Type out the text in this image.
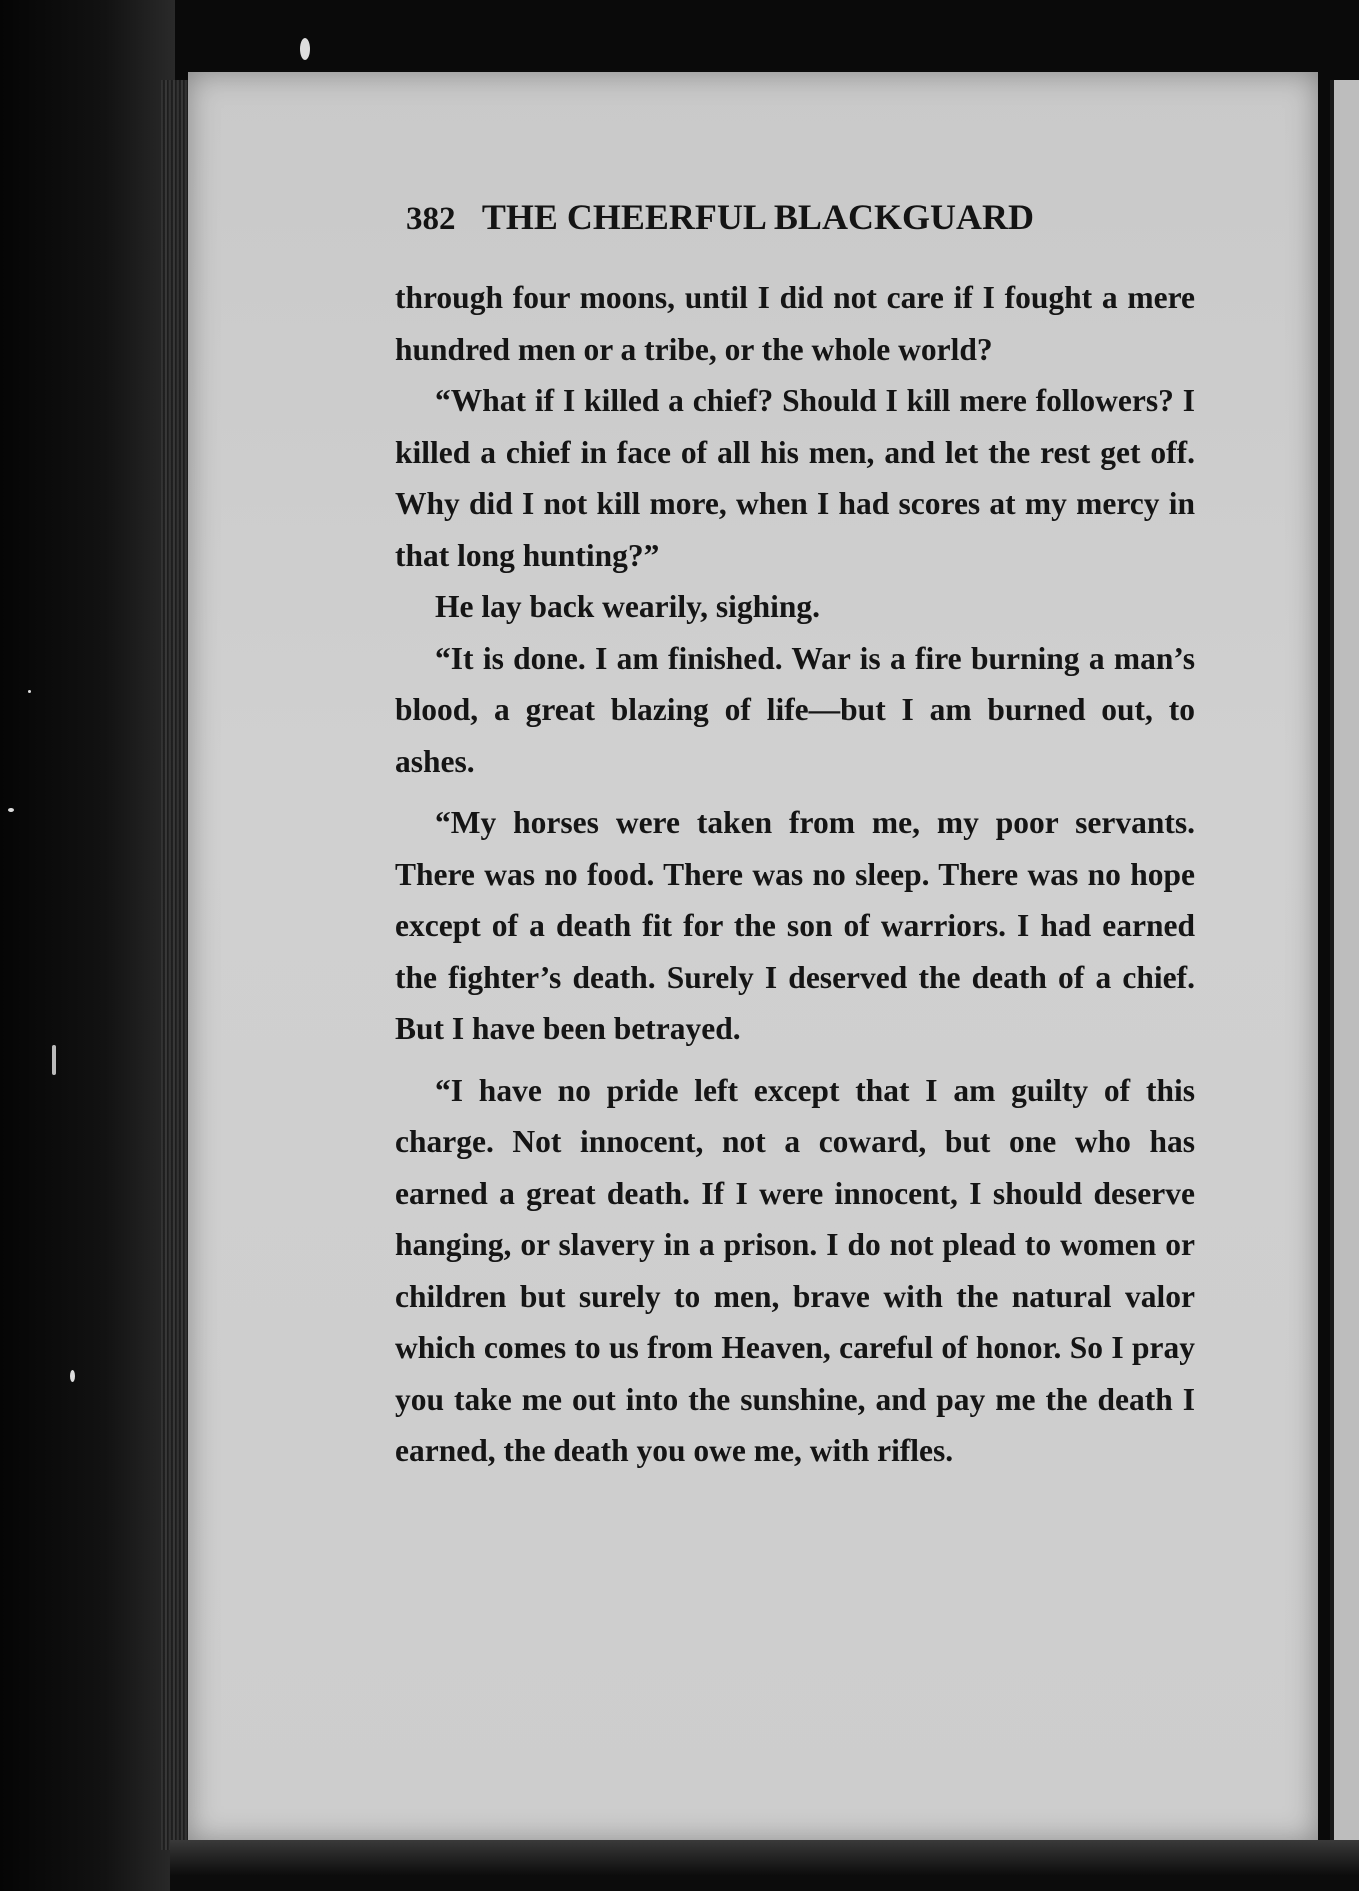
382 THE CHEERFUL BLACKGUARD

through four moons, until I did not care if I fought a mere hundred men or a tribe, or the whole world?

“What if I killed a chief? Should I kill mere followers? I killed a chief in face of all his men, and let the rest get off. Why did I not kill more, when I had scores at my mercy in that long hunting?”

He lay back wearily, sighing.

“It is done. I am finished. War is a fire burning a man’s blood, a great blazing of life—but I am burned out, to ashes.

“My horses were taken from me, my poor servants. There was no food. There was no sleep. There was no hope except of a death fit for the son of warriors. I had earned the fighter’s death. Surely I deserved the death of a chief. But I have been betrayed.

“I have no pride left except that I am guilty of this charge. Not innocent, not a coward, but one who has earned a great death. If I were innocent, I should deserve hanging, or slavery in a prison. I do not plead to women or children but surely to men, brave with the natural valor which comes to us from Heaven, careful of honor. So I pray you take me out into the sunshine, and pay me the death I earned, the death you owe me, with rifles.
